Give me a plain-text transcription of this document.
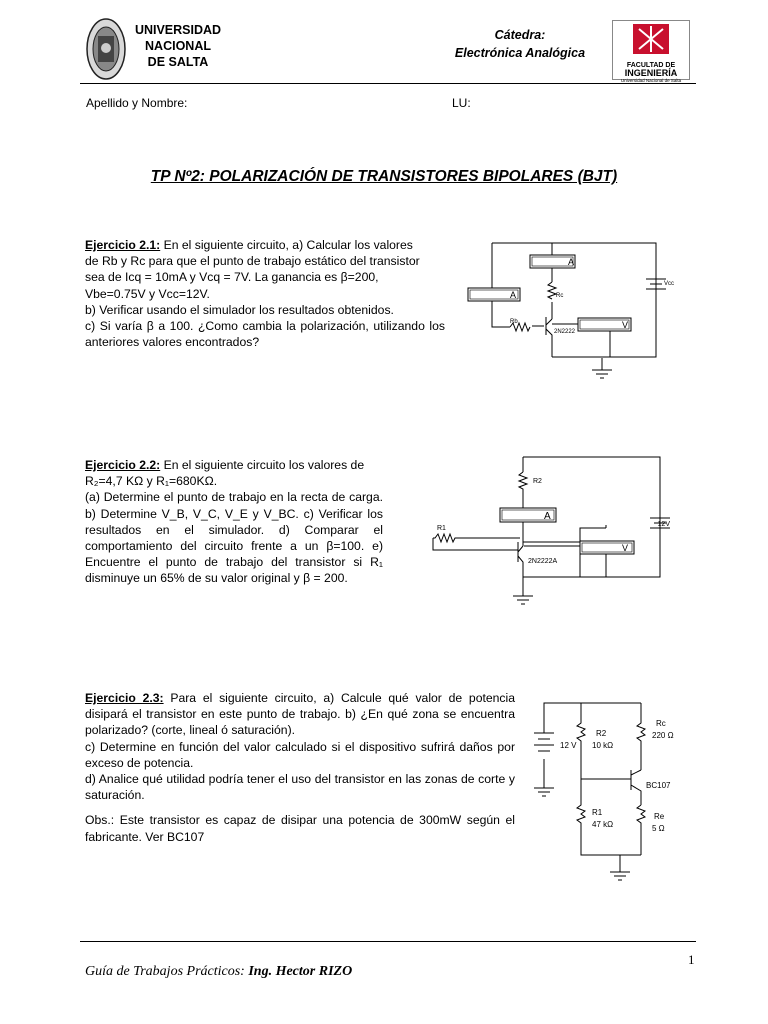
UNIVERSIDAD
NACIONAL
DE SALTA
Cátedra:
Electrónica Analógica
FACULTAD DE
INGENIERÍA
Universidad Nacional de Salta
Apellido y Nombre:	LU:
TP Nº2: POLARIZACIÓN DE TRANSISTORES BIPOLARES (BJT)
Ejercicio 2.1: En el siguiente circuito, a) Calcular los valores
de Rb y Rc para que el punto de trabajo estático del transistor
sea de Icq = 10mA y Vcq = 7V. La ganancia es β=200,
Vbe=0.75V y Vcc=12V.
b) Verificar usando el simulador los resultados obtenidos.
c) Si varía β a 100. ¿Como cambia la polarización, utilizando los anteriores valores encontrados?
A
A
V
Rc
Rb
2N2222
Vcc
Ejercicio 2.2: En el siguiente circuito los valores de
R₂=4,7 KΩ y R₁=680KΩ.
(a) Determine el punto de trabajo en la recta de carga. b) Determine V_B, V_C, V_E y V_BC. c) Verificar los resultados en el simulador. d) Comparar el comportamiento del circuito frente a un β=100. e) Encuentre el punto de trabajo del transistor si R₁ disminuye un 65% de su valor original y β = 200.
A
V
R2
R1
2N2222A
12V
Ejercicio 2.3: Para el siguiente circuito, a) Calcule qué valor de potencia disipará el transistor en este punto de trabajo. b) ¿En qué zona se encuentra polarizado? (corte, lineal ó saturación).
c) Determine en función del valor calculado si el dispositivo sufrirá daños por exceso de potencia.
d) Analice qué utilidad podría tener el uso del transistor en las zonas de corte y saturación.
Obs.: Este transistor es capaz de disipar una potencia de 300mW según el fabricante. Ver BC107
12 V
R2
10 kΩ
Rc
220 Ω
BC107
R1
47 kΩ
Re
5 Ω
1
Guía de Trabajos Prácticos: Ing. Hector RIZO
